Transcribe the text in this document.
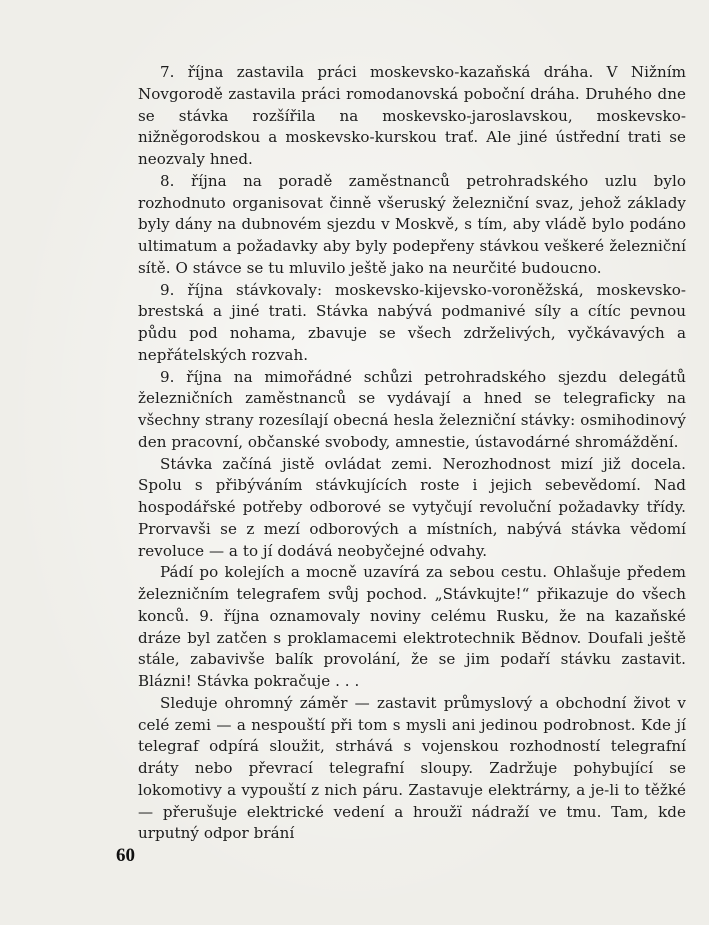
7. října zastavila práci moskevsko-kazaňská dráha. V Nižním Novgorodě zastavila práci romodanovská poboční dráha. Druhého dne se stávka rozšířila na moskevsko-jaroslavskou, moskevsko-nižněgorodskou a moskevsko-kurskou trať. Ale jiné ústřední trati se neozvaly hned.

8. října na poradě zaměstnanců petrohradského uzlu bylo rozhodnuto organisovat činně všeruský železniční svaz, jehož základy byly dány na dubnovém sjezdu v Moskvě, s tím, aby vládě bylo podáno ultimatum a požadavky aby byly podepřeny stávkou veškeré železniční sítě. O stávce se tu mluvilo ještě jako na neurčité budoucno.

9. října stávkovaly: moskevsko-kijevsko-voroněžská, moskevsko-brestská a jiné trati. Stávka nabývá podmanivé síly a cítíc pevnou půdu pod nohama, zbavuje se všech zdrželivých, vyčkávavých a nepřátelských rozvah.

9. října na mimořádné schůzi petrohradského sjezdu delegátů železničních zaměstnanců se vydávají a hned se telegraficky na všechny strany rozesílají obecná hesla železniční stávky: osmihodinový den pracovní, občanské svobody, amnestie, ústavodárné shromáždění.

Stávka začíná jistě ovládat zemi. Nerozhodnost mizí již docela. Spolu s přibýváním stávkujících roste i jejich sebevědomí. Nad hospodářské potřeby odborové se vytyčují revoluční požadavky třídy. Prorvavši se z mezí odborových a místních, nabývá stávka vědomí revoluce — a to jí dodává neobyčejné odvahy.

Pádí po kolejích a mocně uzavírá za sebou cestu. Ohlašuje předem železničním telegrafem svůj pochod. „Stávkujte!“ přikazuje do všech konců. 9. října oznamovaly noviny celému Rusku, že na kazaňské dráze byl zatčen s proklamacemi elektrotechnik Bědnov. Doufali ještě stále, zabavivše balík provolání, že se jim podaří stávku zastavit. Blázni! Stávka pokračuje . . .

Sleduje ohromný záměr — zastavit průmyslový a obchodní život v celé zemi — a nespouští při tom s mysli ani jedinou podrobnost. Kde jí telegraf odpírá sloužit, strhává s vojenskou rozhodností telegrafní dráty nebo převrací telegrafní sloupy. Zadržuje pohybující se lokomotivy a vypouští z nich páru. Zastavuje elektrárny, a je-li to těžké — přerušuje elektrické vedení a hroužï nádraží ve tmu. Tam, kde urputný odpor brání

60
